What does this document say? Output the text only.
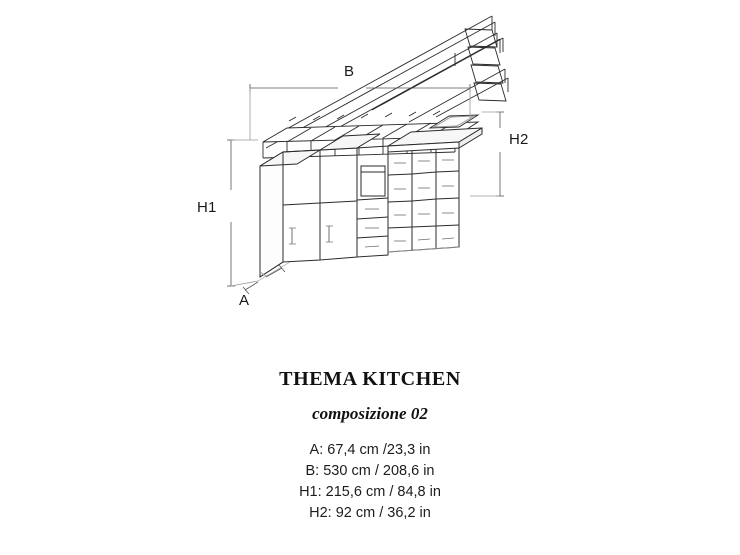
A
B
H1
H2
THEMA KITCHEN
composizione 02
A: 67,4 cm /23,3 in
B: 530 cm / 208,6 in
H1: 215,6 cm / 84,8 in
H2: 92 cm / 36,2 in
